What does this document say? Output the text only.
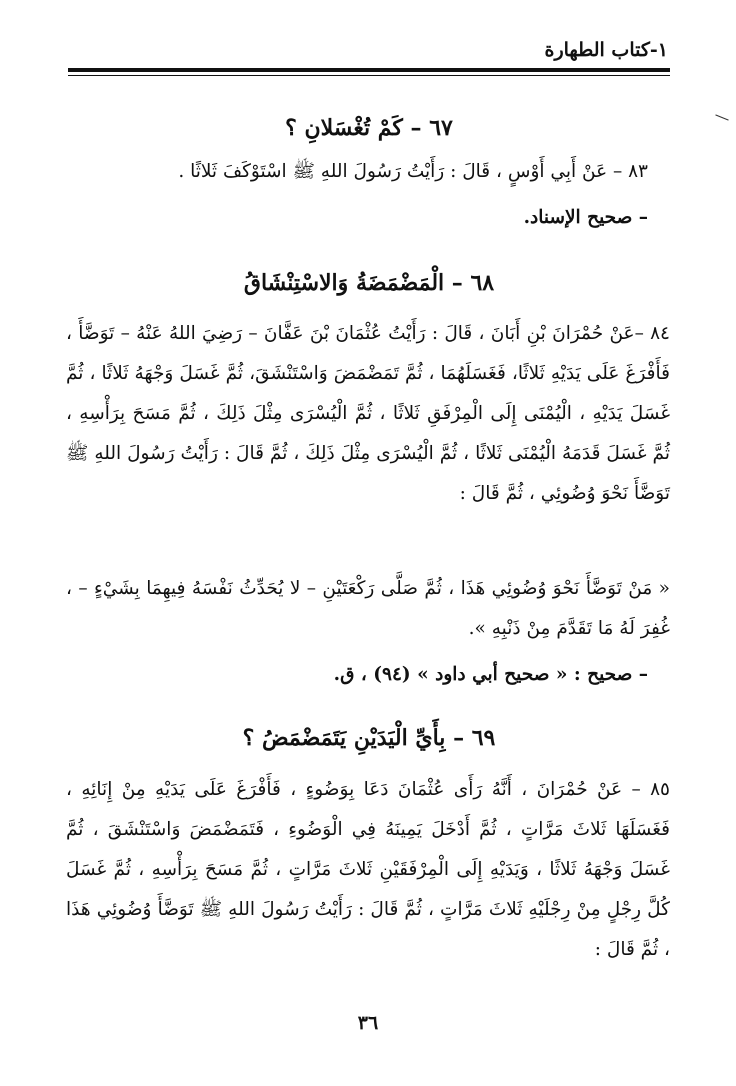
١-كتاب الطهارة
٦٧ – كَمْ تُغْسَلانِ ؟
٨٣ – عَنْ أَبِي أَوْسٍ ، قَالَ : رَأَيْتُ رَسُولَ اللهِ ﷺ اسْتَوْكَفَ ثَلاثًا .
– صحيح الإسناد.
٦٨ – الْمَضْمَضَةُ وَالاسْتِنْشَاقُ
٨٤ –عَنْ حُمْرَانَ بْنِ أَبَانَ ، قَالَ : رَأَيْتُ عُثْمَانَ بْنَ عَفَّانَ – رَضِيَ اللهُ عَنْهُ – تَوَضَّأَ ، فَأَفْرَغَ عَلَى يَدَيْهِ ثَلاثًا، فَغَسَلَهُمَا ، ثُمَّ تَمَضْمَضَ وَاسْتَنْشَقَ، ثُمَّ غَسَلَ وَجْهَهُ ثَلاثًا ، ثُمَّ غَسَلَ يَدَيْهِ ، الْيُمْنَى إِلَى الْمِرْفَقِ ثَلاثًا ، ثُمَّ الْيُسْرَى مِثْلَ ذَلِكَ ، ثُمَّ مَسَحَ بِرَأْسِهِ ، ثُمَّ غَسَلَ قَدَمَهُ الْيُمْنَى ثَلاثًا ، ثُمَّ الْيُسْرَى مِثْلَ ذَلِكَ ، ثُمَّ قَالَ : رَأَيْتُ رَسُولَ اللهِ ﷺ تَوَضَّأَ نَحْوَ وُضُوئِي ، ثُمَّ قَالَ :
« مَنْ تَوَضَّأَ نَحْوَ وُضُوئِي هَذَا ، ثُمَّ صَلَّى رَكْعَتَيْنِ – لا يُحَدِّثُ نَفْسَهُ فِيهِمَا بِشَيْءٍ – ، غُفِرَ لَهُ مَا تَقَدَّمَ مِنْ ذَنْبِهِ ».
– صحيح : « صحيح أبي داود » (٩٤) ، ق.
٦٩ – بِأَيِّ الْيَدَيْنِ يَتَمَضْمَضُ ؟
٨٥ – عَنْ حُمْرَانَ ، أَنَّهُ رَأَى عُثْمَانَ دَعَا بِوَضُوءٍ ، فَأَفْرَغَ عَلَى يَدَيْهِ مِنْ إِنَائِهِ ، فَغَسَلَهَا ثَلاثَ مَرَّاتٍ ، ثُمَّ أَدْخَلَ يَمِينَهُ فِي الْوَضُوءِ ، فَتَمَضْمَضَ وَاسْتَنْشَقَ ، ثُمَّ غَسَلَ وَجْهَهُ ثَلاثًا ، وَيَدَيْهِ إِلَى الْمِرْفَقَيْنِ ثَلاثَ مَرَّاتٍ ، ثُمَّ مَسَحَ بِرَأْسِهِ ، ثُمَّ غَسَلَ كُلَّ رِجْلٍ مِنْ رِجْلَيْهِ ثَلاثَ مَرَّاتٍ ، ثُمَّ قَالَ : رَأَيْتُ رَسُولَ اللهِ ﷺ تَوَضَّأَ وُضُوئِي هَذَا ، ثُمَّ قَالَ :
٣٦
